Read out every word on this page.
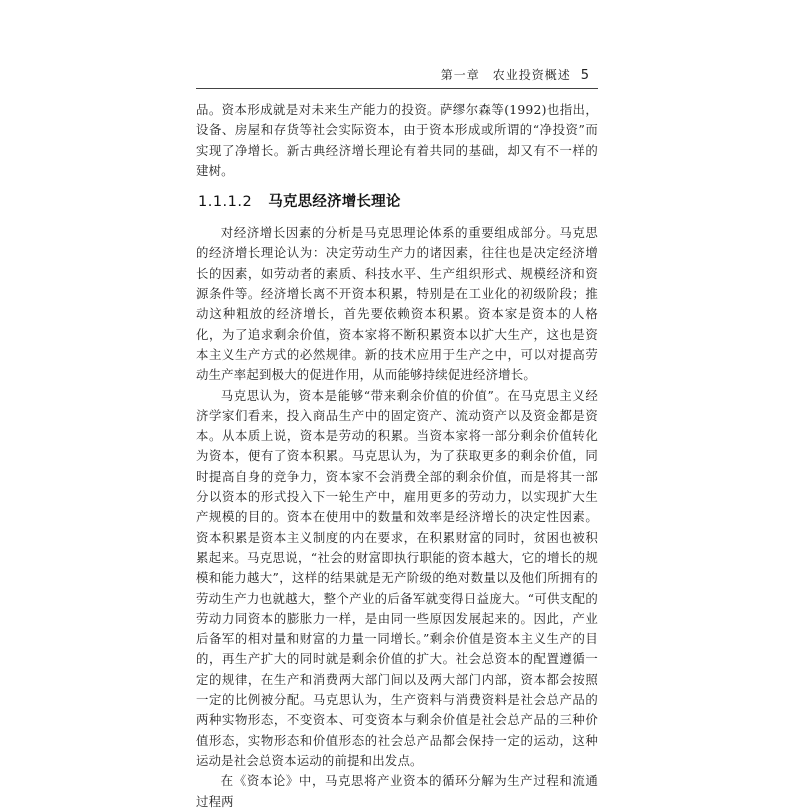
第一章　农业投资概述 5

品。资本形成就是对未来生产能力的投资。萨缪尔森等(1992)也指出，设备、房屋和存货等社会实际资本，由于资本形成或所谓的“净投资”而实现了净增长。新古典经济增长理论有着共同的基础，却又有不一样的建树。

1.1.1.2 马克思经济增长理论

对经济增长因素的分析是马克思理论体系的重要组成部分。马克思的经济增长理论认为：决定劳动生产力的诸因素，往往也是决定经济增长的因素，如劳动者的素质、科技水平、生产组织形式、规模经济和资源条件等。经济增长离不开资本积累，特别是在工业化的初级阶段；推动这种粗放的经济增长，首先要依赖资本积累。资本家是资本的人格化，为了追求剩余价值，资本家将不断积累资本以扩大生产，这也是资本主义生产方式的必然规律。新的技术应用于生产之中，可以对提高劳动生产率起到极大的促进作用，从而能够持续促进经济增长。

马克思认为，资本是能够“带来剩余价值的价值”。在马克思主义经济学家们看来，投入商品生产中的固定资产、流动资产以及资金都是资本。从本质上说，资本是劳动的积累。当资本家将一部分剩余价值转化为资本，便有了资本积累。马克思认为，为了获取更多的剩余价值，同时提高自身的竞争力，资本家不会消费全部的剩余价值，而是将其一部分以资本的形式投入下一轮生产中，雇用更多的劳动力，以实现扩大生产规模的目的。资本在使用中的数量和效率是经济增长的决定性因素。资本积累是资本主义制度的内在要求，在积累财富的同时，贫困也被积累起来。马克思说，“社会的财富即执行职能的资本越大，它的增长的规模和能力越大”，这样的结果就是无产阶级的绝对数量以及他们所拥有的劳动生产力也就越大，整个产业的后备军就变得日益庞大。“可供支配的劳动力同资本的膨胀力一样，是由同一些原因发展起来的。因此，产业后备军的相对量和财富的力量一同增长。”剩余价值是资本主义生产的目的，再生产扩大的同时就是剩余价值的扩大。社会总资本的配置遵循一定的规律，在生产和消费两大部门间以及两大部门内部，资本都会按照一定的比例被分配。马克思认为，生产资料与消费资料是社会总产品的两种实物形态，不变资本、可变资本与剩余价值是社会总产品的三种价值形态，实物形态和价值形态的社会总产品都会保持一定的运动，这种运动是社会总资本运动的前提和出发点。

在《资本论》中，马克思将产业资本的循环分解为生产过程和流通过程两
